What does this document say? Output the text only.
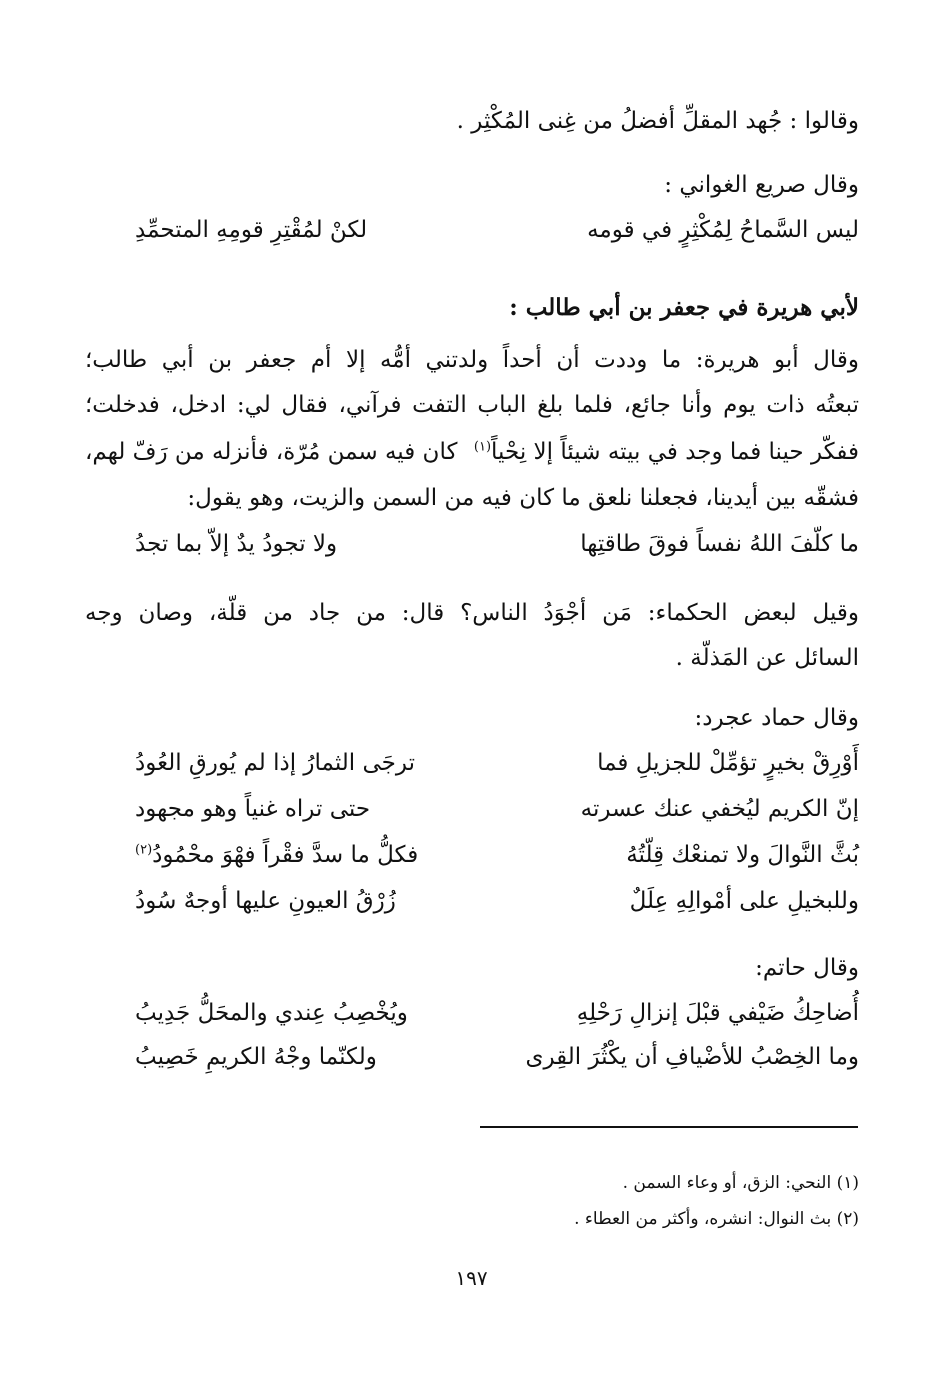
وقالوا : جُهد المقلِّ أفضلُ من غِنى المُكْثِر .
وقال صريع الغواني :
ليس السَّماحُ لِمُكْثِرٍ في قومه
لكنْ لمُقْتِرِ قومِهِ المتحمِّدِ
لأبي هريرة في جعفر بن أبي طالب :
وقال أبو هريرة: ما وددت أن أحداً ولدتني أمُّه إلا أم جعفر بن أبي طالب؛
تبعتُه ذات يوم وأنا جائع، فلما بلغ الباب التفت فرآني، فقال لي: ادخل، فدخلت؛
ففكّر حينا فما وجد في بيته شيئاً إلا نِحْياً$^{(١)}$
كان فيه سمن مُرّة، فأنزله من رَفّ لهم،
فشقّه بين أيدينا، فجعلنا نلعق ما كان فيه من السمن والزيت، وهو يقول:
ما كلّفَ اللهُ نفساً فوقَ طاقتِها
ولا تجودُ يدٌ إلاّ بما تجدُ
وقيل لبعض الحكماء: مَن أجْوَدُ الناس؟ قال: من جاد من قلّة، وصان وجه
السائل عن المَذلّة .
وقال حماد عجرد:
أَوْرِقْ بخيرٍ تؤمِّلْ للجزيلِ فما
ترجَى الثمارُ إذا لم يُورقِ العُودُ
إنّ الكريم ليُخفي عنك عسرته
حتى تراه غنياً وهو مجهود
بُثَّ النَّوالَ ولا تمنعْك قِلّتُهُ
فكلُّ ما سدَّ فقْراً فهْوَ محْمُودُ$^{(٢)}$
وللبخيلِ على أمْوالِهِ عِلَلٌ
زُرْقُ العيونِ عليها أوجهٌ سُودُ
وقال حاتم:
أُضاحِكُ ضَيْفي قبْلَ إنزالِ رَحْلِهِ
ويُخْصِبُ عِندي والمحَلُّ جَدِيبُ
وما الخِصْبُ للأضْيافِ أن يكْثُرَ القِرى
ولكنّما وجْهُ الكريمِ خَصِيبُ
(١) النحي: الزق، أو وعاء السمن .
(٢) بث النوال: انشره، وأكثر من العطاء .
١٩٧
